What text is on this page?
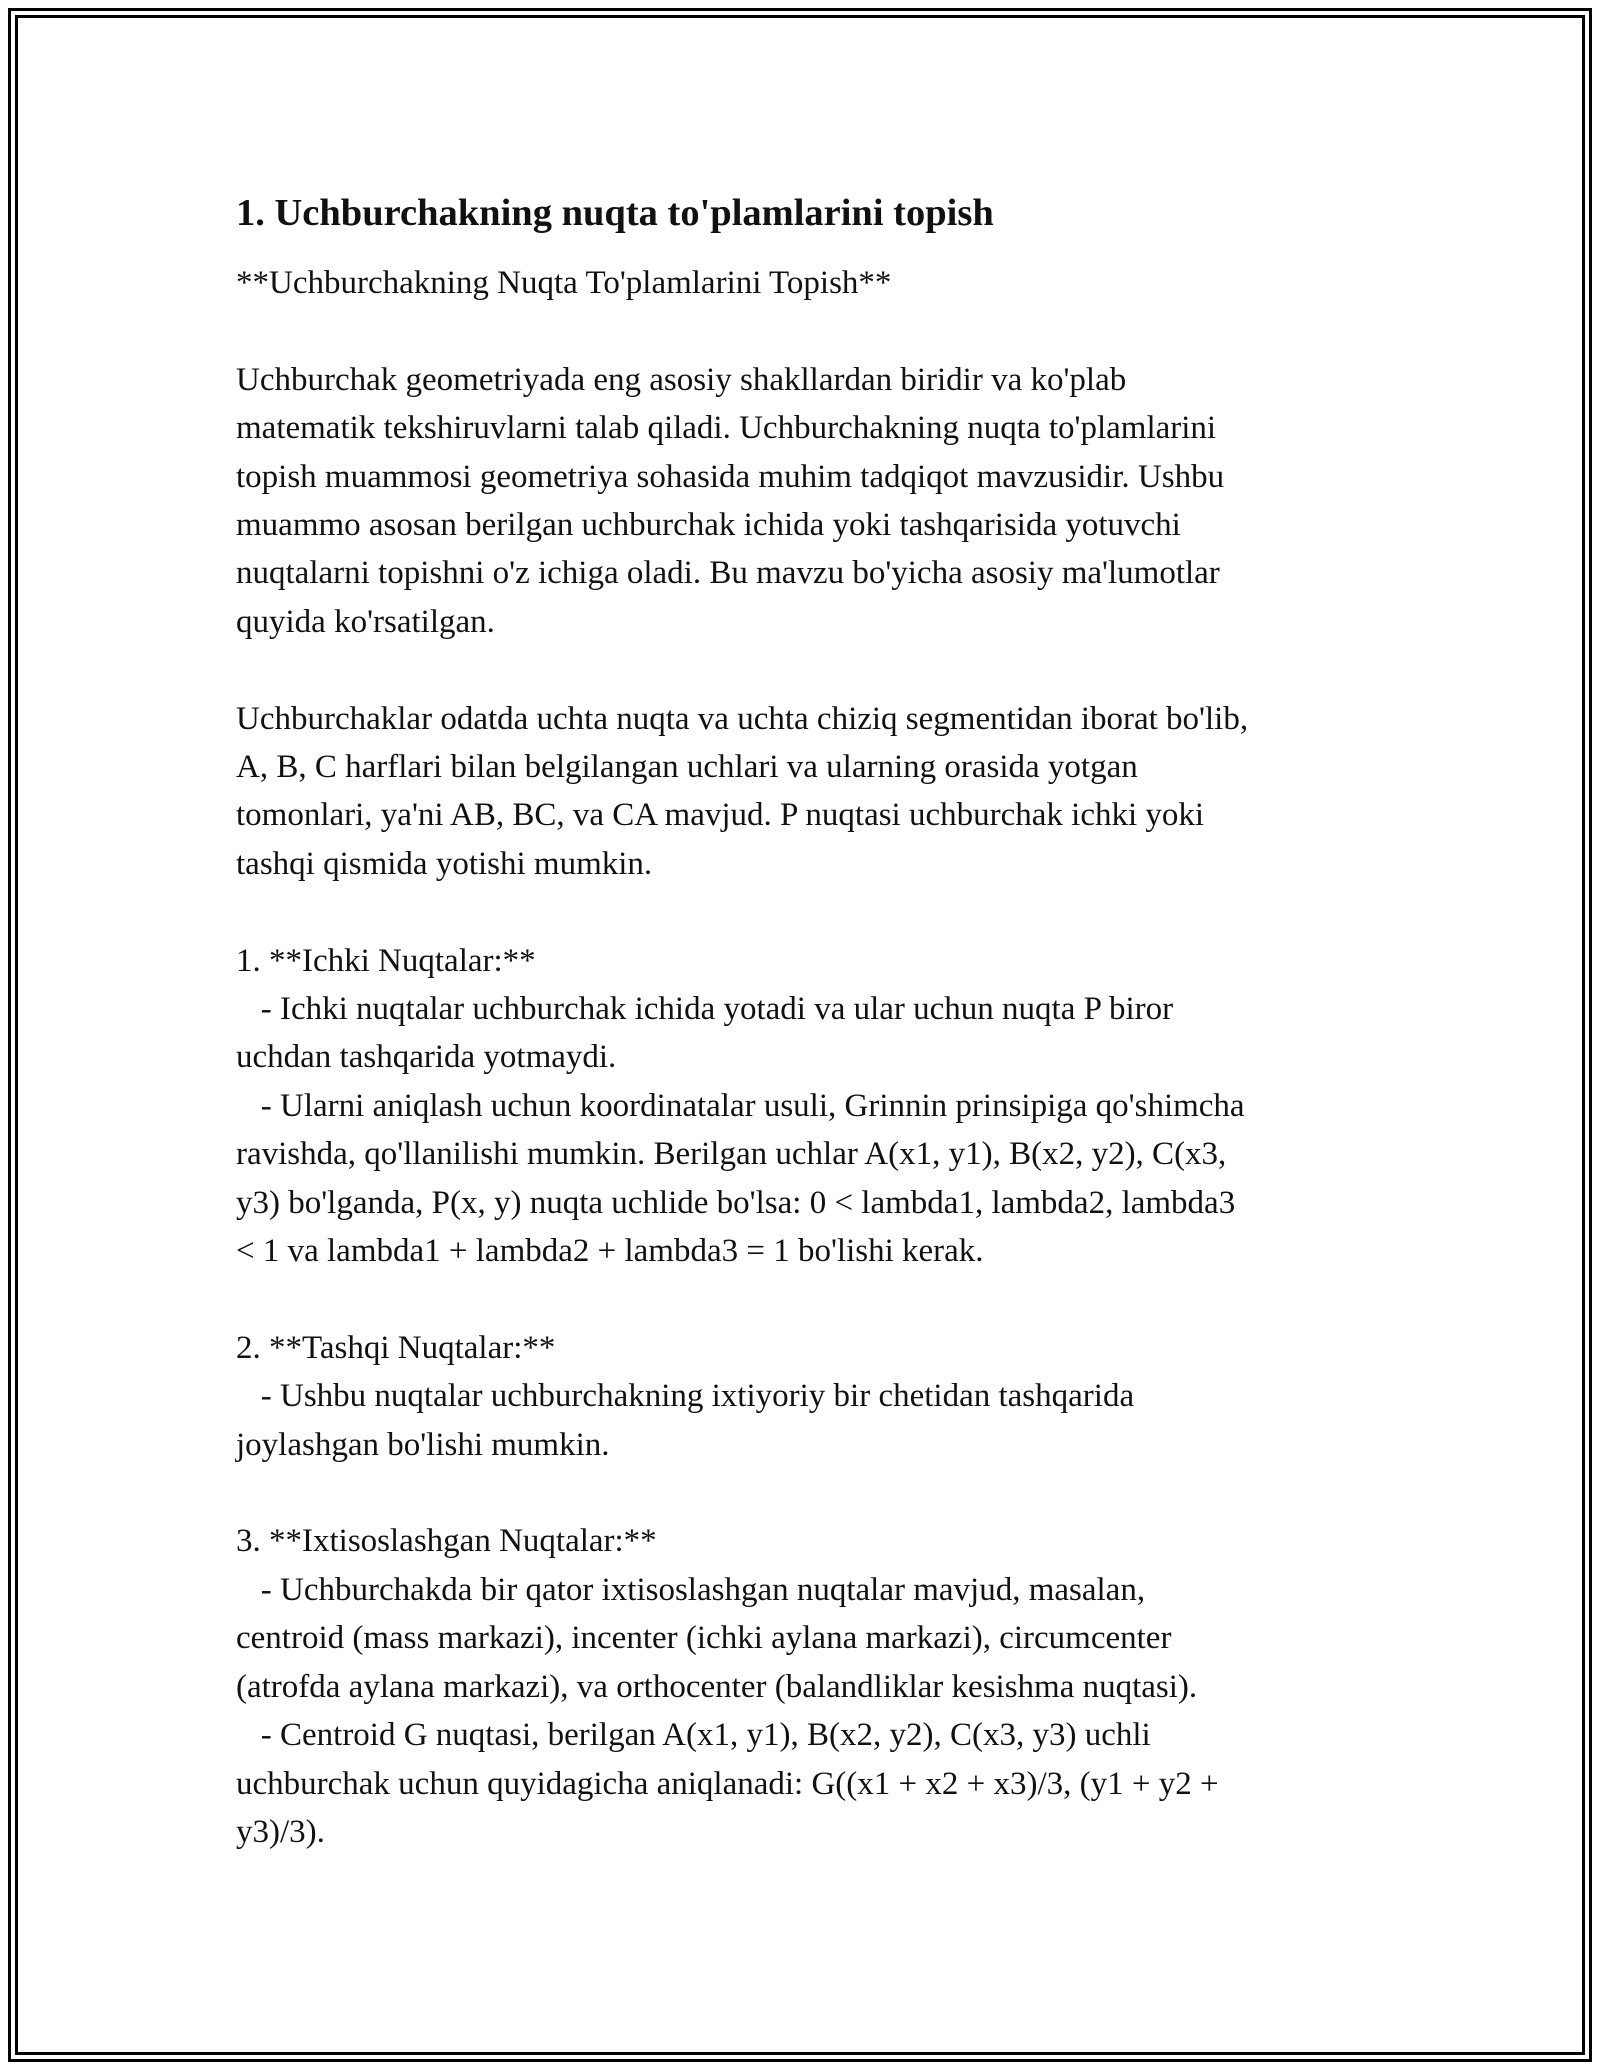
1. Uchburchakning nuqta to'plamlarini topish
**Uchburchakning Nuqta To'plamlarini Topish**
Uchburchak geometriyada eng asosiy shakllardan biridir va ko'plab
matematik tekshiruvlarni talab qiladi. Uchburchakning nuqta to'plamlarini
topish muammosi geometriya sohasida muhim tadqiqot mavzusidir. Ushbu
muammo asosan berilgan uchburchak ichida yoki tashqarisida yotuvchi
nuqtalarni topishni o'z ichiga oladi. Bu mavzu bo'yicha asosiy ma'lumotlar
quyida ko'rsatilgan.
Uchburchaklar odatda uchta nuqta va uchta chiziq segmentidan iborat bo'lib,
A, B, C harflari bilan belgilangan uchlari va ularning orasida yotgan
tomonlari, ya'ni AB, BC, va CA mavjud. P nuqtasi uchburchak ichki yoki
tashqi qismida yotishi mumkin.
1. **Ichki Nuqtalar:**
- Ichki nuqtalar uchburchak ichida yotadi va ular uchun nuqta P biror
uchdan tashqarida yotmaydi.
- Ularni aniqlash uchun koordinatalar usuli, Grinnin prinsipiga qo'shimcha
ravishda, qo'llanilishi mumkin. Berilgan uchlar A(x1, y1), B(x2, y2), C(x3,
y3) bo'lganda, P(x, y) nuqta uchlide bo'lsa: 0 < lambda1, lambda2, lambda3
< 1 va lambda1 + lambda2 + lambda3 = 1 bo'lishi kerak.
2. **Tashqi Nuqtalar:**
- Ushbu nuqtalar uchburchakning ixtiyoriy bir chetidan tashqarida
joylashgan bo'lishi mumkin.
3. **Ixtisoslashgan Nuqtalar:**
- Uchburchakda bir qator ixtisoslashgan nuqtalar mavjud, masalan,
centroid (mass markazi), incenter (ichki aylana markazi), circumcenter
(atrofda aylana markazi), va orthocenter (balandliklar kesishma nuqtasi).
- Centroid G nuqtasi, berilgan A(x1, y1), B(x2, y2), C(x3, y3) uchli
uchburchak uchun quyidagicha aniqlanadi: G((x1 + x2 + x3)/3, (y1 + y2 +
y3)/3).
